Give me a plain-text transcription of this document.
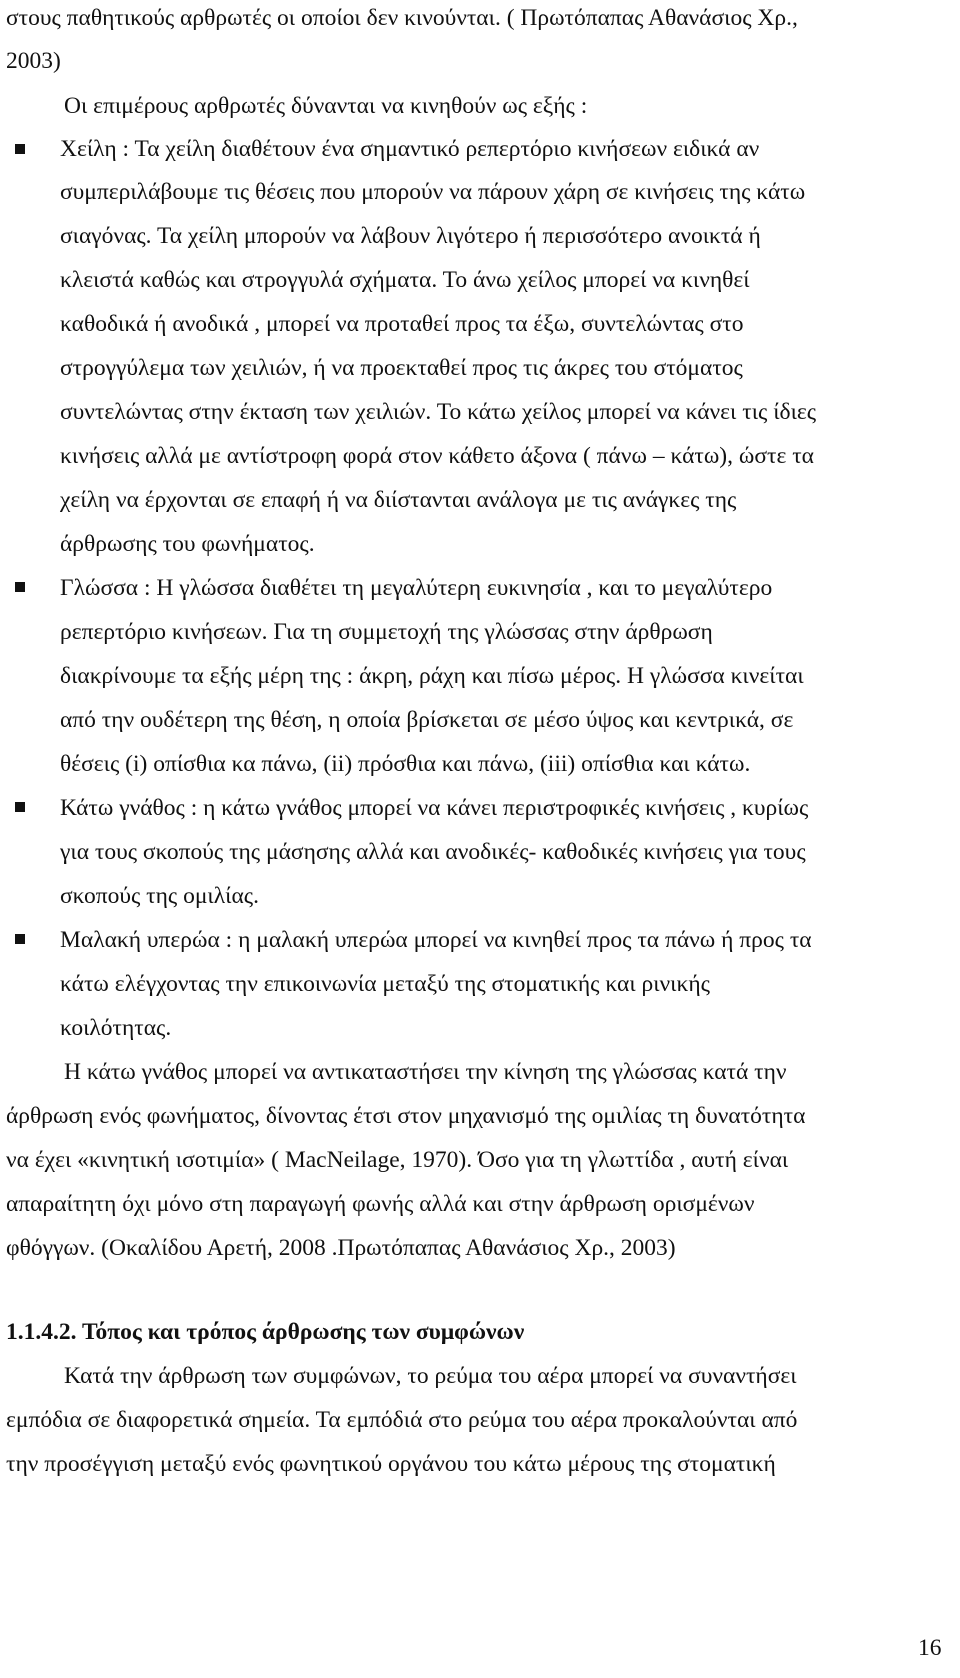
στους παθητικούς αρθρωτές οι οποίοι δεν κινούνται. ( Πρωτόπαπας Αθανάσιος Χρ.,
2003)
Οι επιμέρους αρθρωτές δύνανται να κινηθούν ως εξής :
Χείλη : Τα χείλη διαθέτουν ένα σημαντικό ρεπερτόριο κινήσεων ειδικά αν
συμπεριλάβουμε τις θέσεις που μπορούν να πάρουν χάρη σε κινήσεις της κάτω
σιαγόνας. Τα χείλη μπορούν να λάβουν λιγότερο ή περισσότερο ανοικτά ή
κλειστά καθώς και στρογγυλά σχήματα. Το άνω χείλος μπορεί να κινηθεί
καθοδικά ή ανοδικά , μπορεί να προταθεί προς τα έξω, συντελώντας στο
στρογγύλεμα των χειλιών, ή να προεκταθεί προς τις άκρες του στόματος
συντελώντας στην έκταση των χειλιών. Το κάτω χείλος μπορεί να κάνει τις ίδιες
κινήσεις αλλά με αντίστροφη φορά στον κάθετο άξονα ( πάνω – κάτω), ώστε τα
χείλη να έρχονται σε επαφή ή να διίστανται ανάλογα με τις ανάγκες της
άρθρωσης του φωνήματος.
Γλώσσα : Η γλώσσα διαθέτει τη μεγαλύτερη ευκινησία , και το μεγαλύτερο
ρεπερτόριο κινήσεων. Για τη συμμετοχή της γλώσσας στην άρθρωση
διακρίνουμε τα εξής μέρη της : άκρη, ράχη και πίσω μέρος. Η γλώσσα κινείται
από την ουδέτερη της θέση, η οποία βρίσκεται σε μέσο ύψος και κεντρικά, σε
θέσεις (i) οπίσθια κα πάνω, (ii) πρόσθια και πάνω, (iii) οπίσθια και κάτω.
Κάτω γνάθος : η κάτω γνάθος μπορεί να κάνει περιστροφικές κινήσεις , κυρίως
για τους σκοπούς της μάσησης αλλά και ανοδικές- καθοδικές κινήσεις για τους
σκοπούς της ομιλίας.
Μαλακή υπερώα : η μαλακή υπερώα μπορεί να κινηθεί προς τα πάνω ή προς τα
κάτω ελέγχοντας την επικοινωνία μεταξύ της στοματικής και ρινικής
κοιλότητας.
Η κάτω γνάθος μπορεί να αντικαταστήσει την κίνηση της γλώσσας κατά την
άρθρωση ενός φωνήματος, δίνοντας έτσι στον μηχανισμό της ομιλίας τη δυνατότητα
να έχει «κινητική ισοτιμία» ( MacNeilage, 1970). Όσο για τη γλωττίδα , αυτή είναι
απαραίτητη όχι μόνο στη παραγωγή φωνής αλλά και στην άρθρωση ορισμένων
φθόγγων. (Οκαλίδου Αρετή, 2008 .Πρωτόπαπας Αθανάσιος Χρ., 2003)
1.1.4.2. Τόπος και τρόπος άρθρωσης των συμφώνων
Κατά την άρθρωση των συμφώνων, το ρεύμα του αέρα μπορεί να συναντήσει
εμπόδια σε διαφορετικά σημεία. Τα εμπόδιά στο ρεύμα του αέρα προκαλούνται από
την προσέγγιση μεταξύ ενός φωνητικού οργάνου του κάτω μέρους της στοματική
16
